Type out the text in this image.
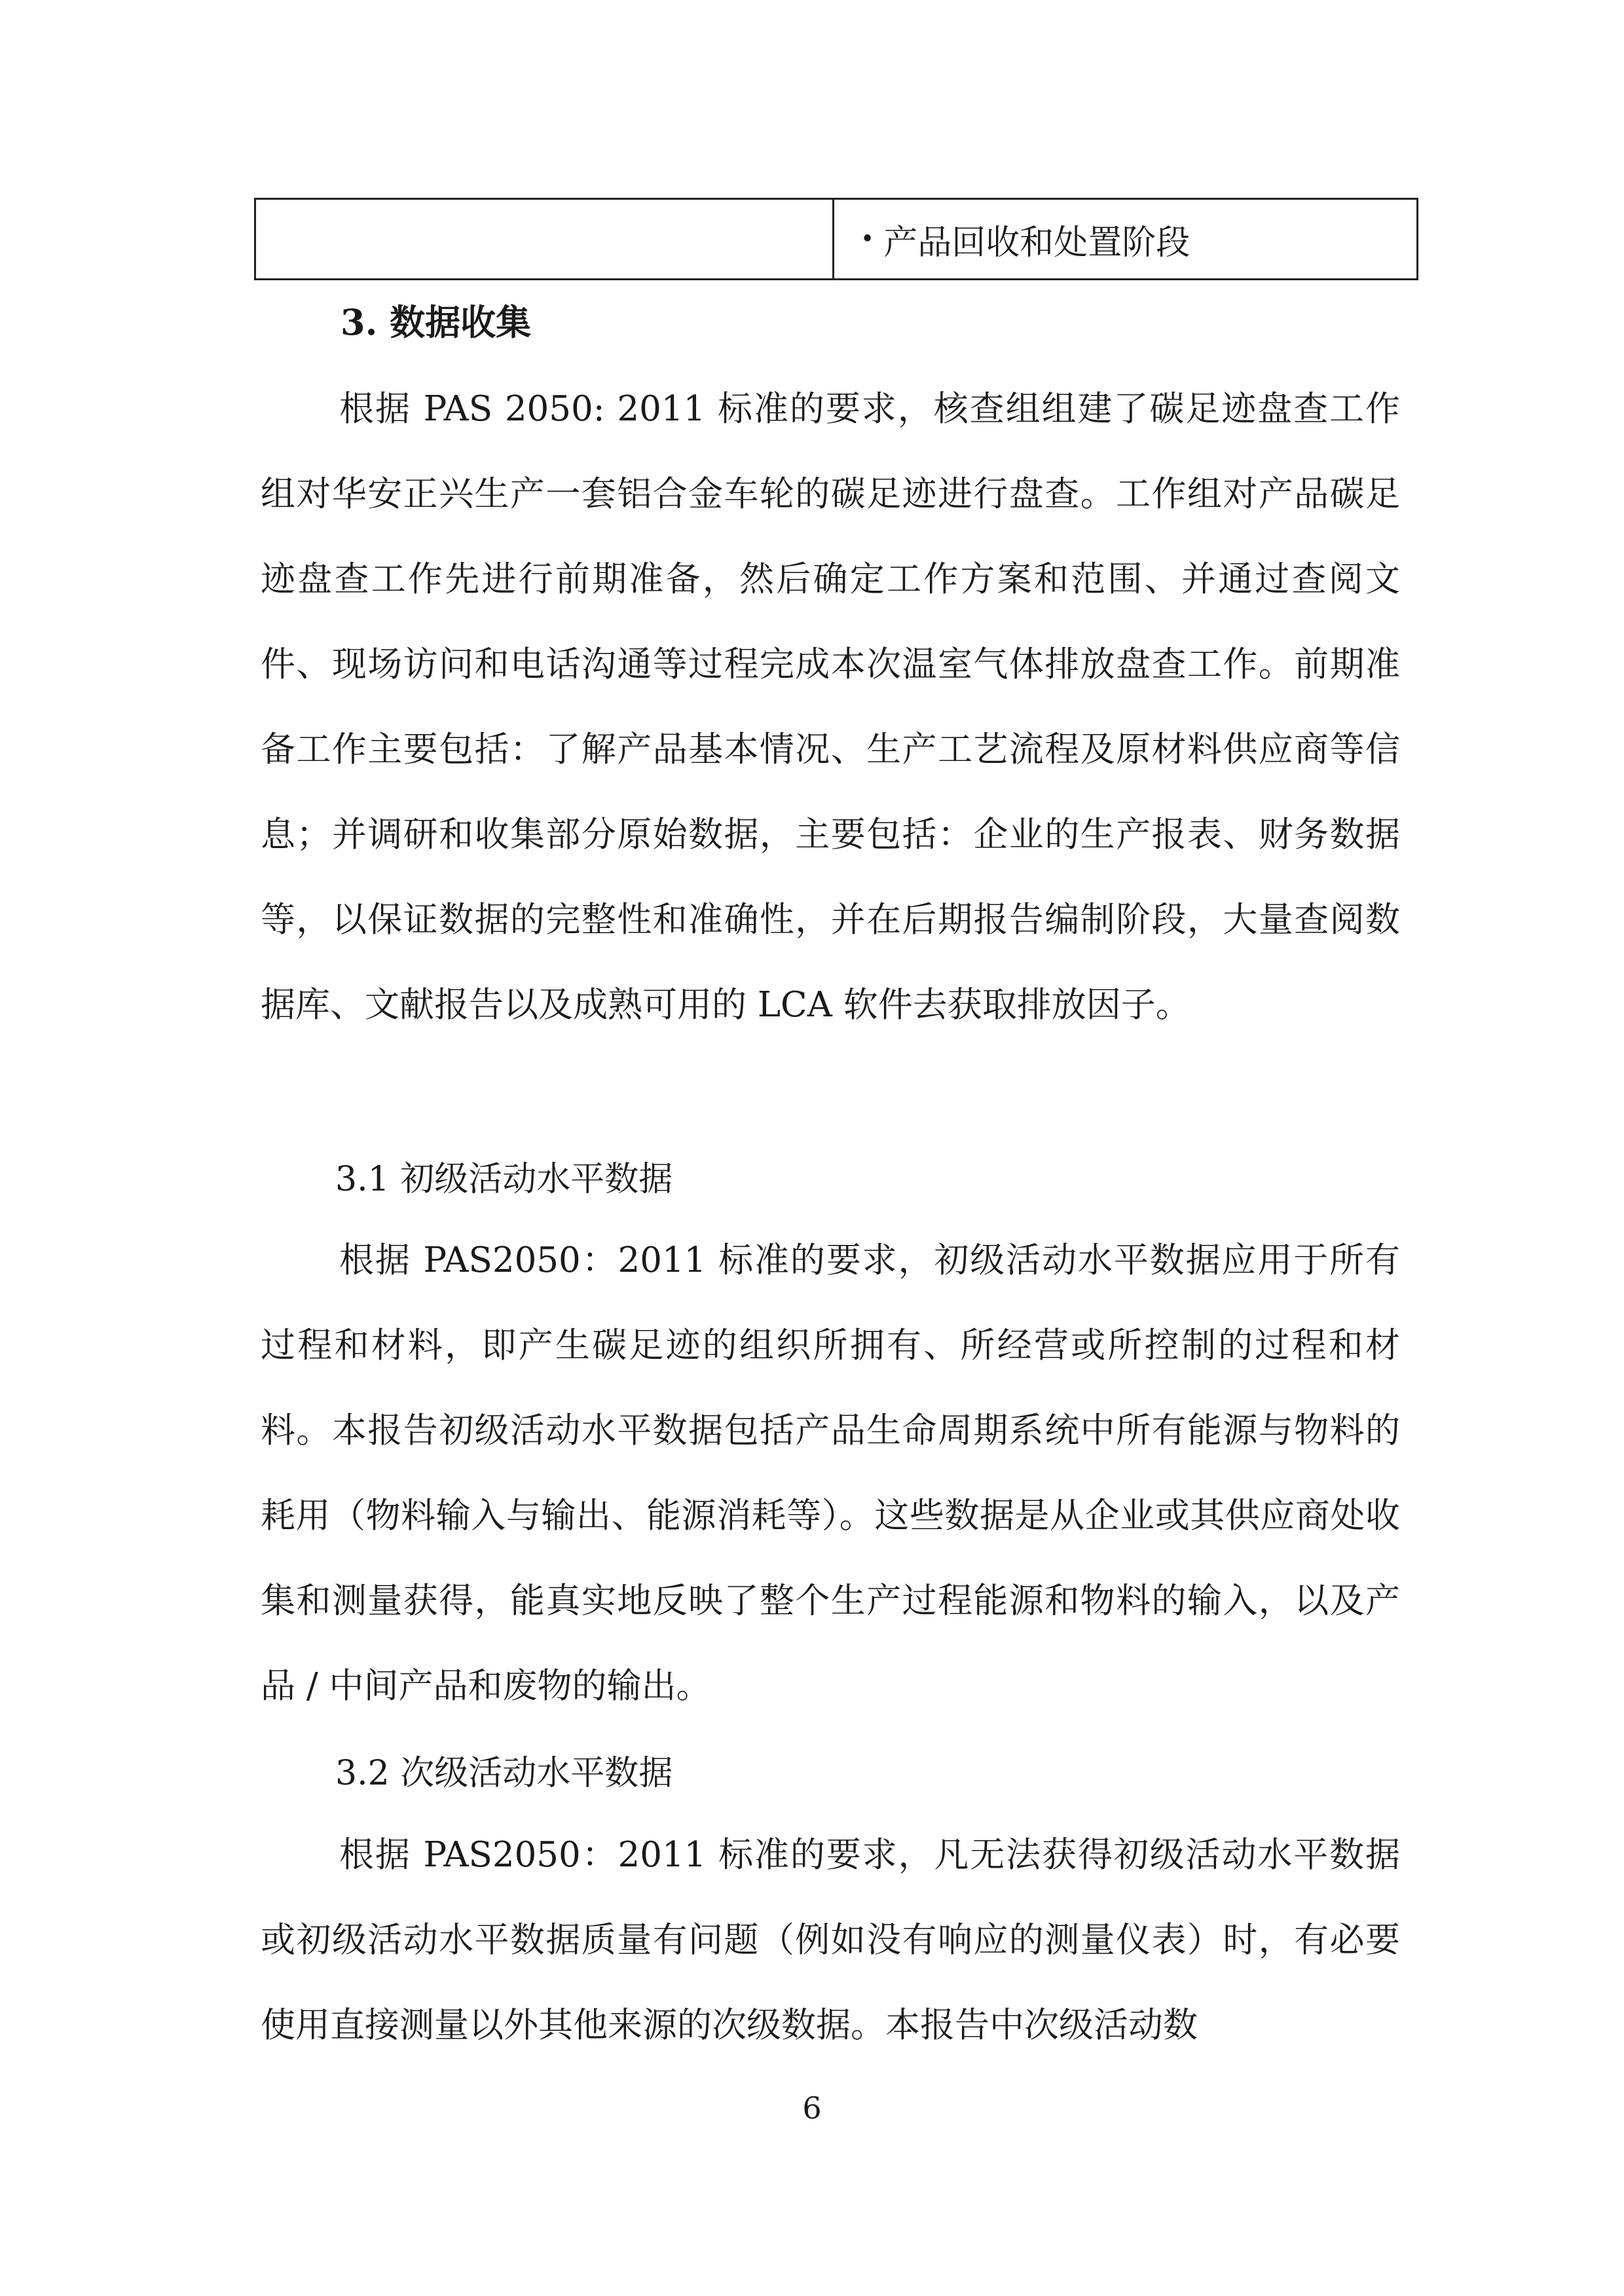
• 产品回收和处置阶段
3. 数据收集

根据 PAS 2050: 2011 标准的要求，核查组组建了碳足迹盘查工作组对华安正兴生产一套铝合金车轮的碳足迹进行盘查。工作组对产品碳足迹盘查工作先进行前期准备，然后确定工作方案和范围、并通过查阅文件、现场访问和电话沟通等过程完成本次温室气体排放盘查工作。前期准备工作主要包括：了解产品基本情况、生产工艺流程及原材料供应商等信息；并调研和收集部分原始数据，主要包括：企业的生产报表、财务数据等，以保证数据的完整性和准确性，并在后期报告编制阶段，大量查阅数据库、文献报告以及成熟可用的 LCA 软件去获取排放因子。

3.1 初级活动水平数据

根据 PAS2050：2011 标准的要求，初级活动水平数据应用于所有过程和材料，即产生碳足迹的组织所拥有、所经营或所控制的过程和材料。本报告初级活动水平数据包括产品生命周期系统中所有能源与物料的耗用（物料输入与输出、能源消耗等）。这些数据是从企业或其供应商处收集和测量获得，能真实地反映了整个生产过程能源和物料的输入，以及产品 / 中间产品和废物的输出。

3.2 次级活动水平数据

根据 PAS2050：2011 标准的要求，凡无法获得初级活动水平数据或初级活动水平数据质量有问题（例如没有响应的测量仪表）时，有必要使用直接测量以外其他来源的次级数据。本报告中次级活动数

6
